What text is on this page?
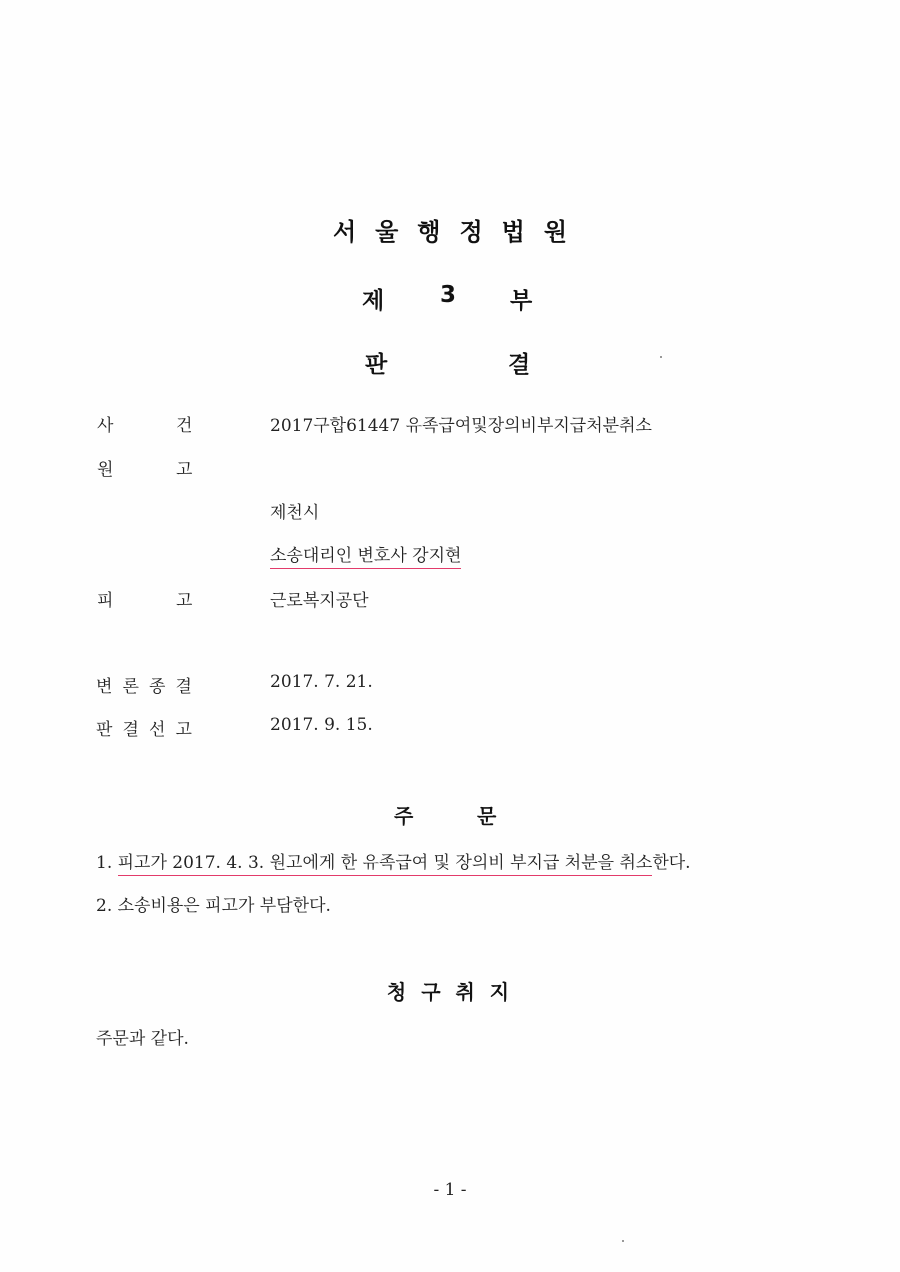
서울행정법원
제 3 부
판	결
사	건	2017구합61447 유족급여및장의비부지급처분취소
원	고
제천시
소송대리인 변호사 강지현
피	고	근로복지공단
변 론 종 결	2017. 7. 21.
판 결 선 고	2017. 9. 15.
주	문
1. 피고가 2017. 4. 3. 원고에게 한 유족급여 및 장의비 부지급 처분을 취소한다.
2. 소송비용은 피고가 부담한다.
청 구 취 지
주문과 같다.
- 1 -
